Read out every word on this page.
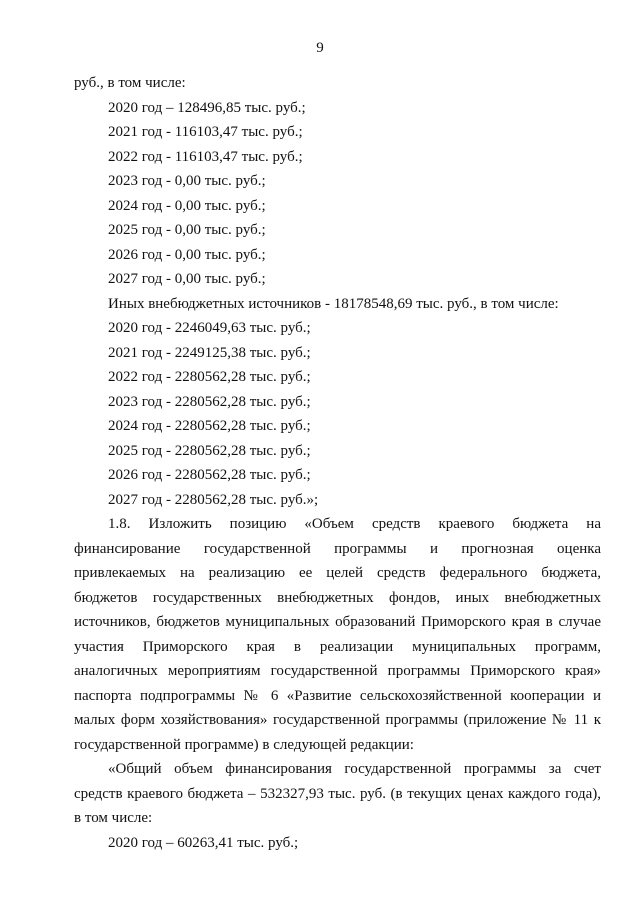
9
руб., в том числе:
2020 год – 128496,85 тыс. руб.;
2021 год - 116103,47 тыс. руб.;
2022 год - 116103,47 тыс. руб.;
2023 год - 0,00 тыс. руб.;
2024 год - 0,00 тыс. руб.;
2025 год - 0,00 тыс. руб.;
2026 год - 0,00 тыс. руб.;
2027 год - 0,00 тыс. руб.;
Иных внебюджетных источников - 18178548,69 тыс. руб., в том числе:
2020 год - 2246049,63 тыс. руб.;
2021 год - 2249125,38 тыс. руб.;
2022 год - 2280562,28 тыс. руб.;
2023 год - 2280562,28 тыс. руб.;
2024 год - 2280562,28 тыс. руб.;
2025 год - 2280562,28 тыс. руб.;
2026 год - 2280562,28 тыс. руб.;
2027 год - 2280562,28 тыс. руб.»;
1.8. Изложить позицию «Объем средств краевого бюджета на
финансирование государственной программы и прогнозная оценка
привлекаемых на реализацию ее целей средств федерального бюджета,
бюджетов государственных внебюджетных фондов, иных внебюджетных
источников, бюджетов муниципальных образований Приморского края в случае
участия Приморского края в реализации муниципальных программ,
аналогичных мероприятиям государственной программы Приморского края»
паспорта подпрограммы № 6 «Развитие сельскохозяйственной кооперации и
малых форм хозяйствования» государственной программы (приложение № 11 к
государственной программе) в следующей редакции:
«Общий объем финансирования государственной программы за счет
средств краевого бюджета – 532327,93 тыс. руб. (в текущих ценах каждого года),
в том числе:
2020 год – 60263,41 тыс. руб.;
